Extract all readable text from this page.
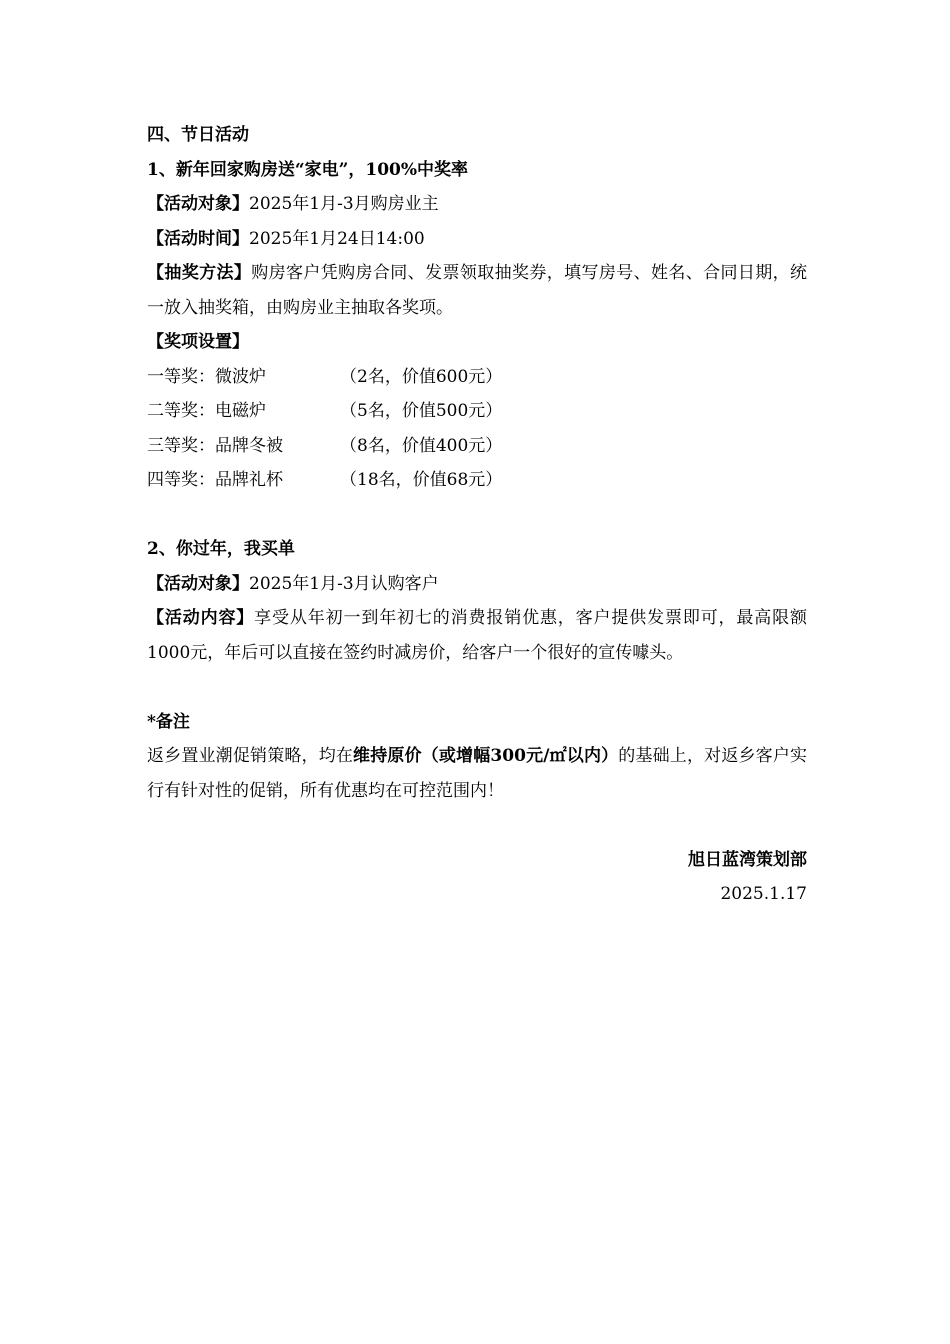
四、节日活动
1、新年回家购房送“家电”，100%中奖率
【活动对象】2025年1月-3月购房业主
【活动时间】2025年1月24日14:00
【抽奖方法】购房客户凭购房合同、发票领取抽奖券，填写房号、姓名、合同日期，统一放入抽奖箱，由购房业主抽取各奖项。
【奖项设置】
一等奖：微波炉	（2名，价值600元）
二等奖：电磁炉	（5名，价值500元）
三等奖：品牌冬被	（8名，价值400元）
四等奖：品牌礼杯	（18名，价值68元）
2、你过年，我买单
【活动对象】2025年1月-3月认购客户
【活动内容】享受从年初一到年初七的消费报销优惠，客户提供发票即可，最高限额1000元，年后可以直接在签约时减房价，给客户一个很好的宣传噱头。
*备注
返乡置业潮促销策略，均在维持原价（或增幅300元/㎡以内）的基础上，对返乡客户实行有针对性的促销，所有优惠均在可控范围内！
旭日蓝湾策划部
2025.1.17
